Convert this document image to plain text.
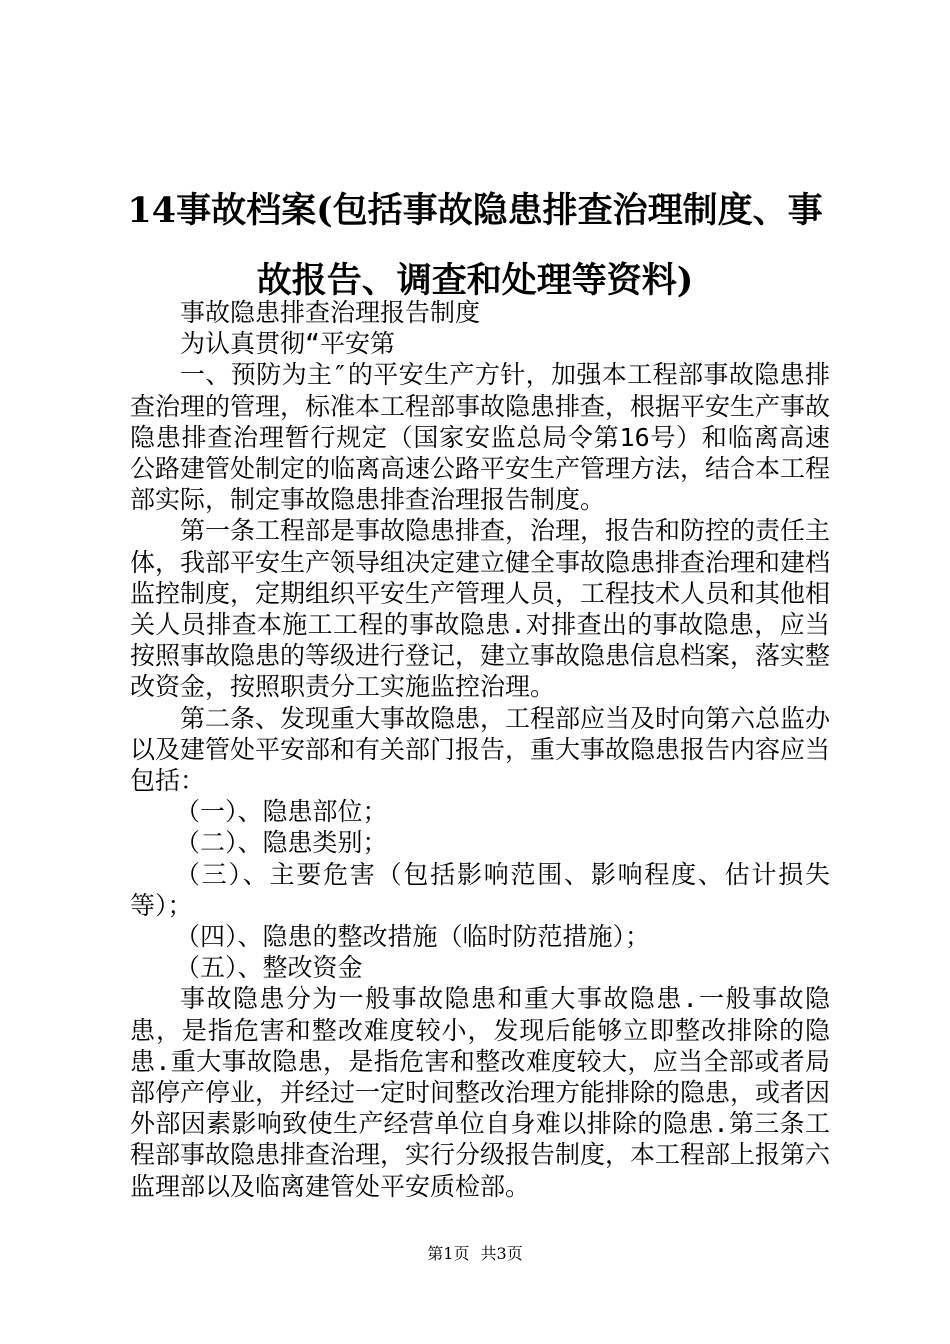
14事故档案(包括事故隐患排查治理制度、事
故报告、调查和处理等资料)

事故隐患排查治理报告制度

为认真贯彻“平安第

一、预防为主″的平安生产方针，加强本工程部事故隐患排查治理的管理，标准本工程部事故隐患排查，根据平安生产事故隐患排查治理暂行规定（国家安监总局令第16号）和临离高速公路建管处制定的临离高速公路平安生产管理方法，结合本工程部实际，制定事故隐患排查治理报告制度。

第一条工程部是事故隐患排查，治理，报告和防控的责任主体，我部平安生产领导组决定建立健全事故隐患排查治理和建档监控制度，定期组织平安生产管理人员，工程技术人员和其他相关人员排查本施工工程的事故隐患.对排查出的事故隐患，应当按照事故隐患的等级进行登记，建立事故隐患信息档案，落实整改资金，按照职责分工实施监控治理。

第二条、发现重大事故隐患，工程部应当及时向第六总监办以及建管处平安部和有关部门报告，重大事故隐患报告内容应当包括：

（一）、隐患部位；

（二）、隐患类别；

（三）、主要危害（包括影响范围、影响程度、估计损失等）；

（四）、隐患的整改措施（临时防范措施）；

（五）、整改资金

事故隐患分为一般事故隐患和重大事故隐患.一般事故隐患，是指危害和整改难度较小，发现后能够立即整改排除的隐患.重大事故隐患，是指危害和整改难度较大，应当全部或者局部停产停业，并经过一定时间整改治理方能排除的隐患，或者因外部因素影响致使生产经营单位自身难以排除的隐患.第三条工程部事故隐患排查治理，实行分级报告制度，本工程部上报第六监理部以及临离建管处平安质检部。

第1页 共3页
